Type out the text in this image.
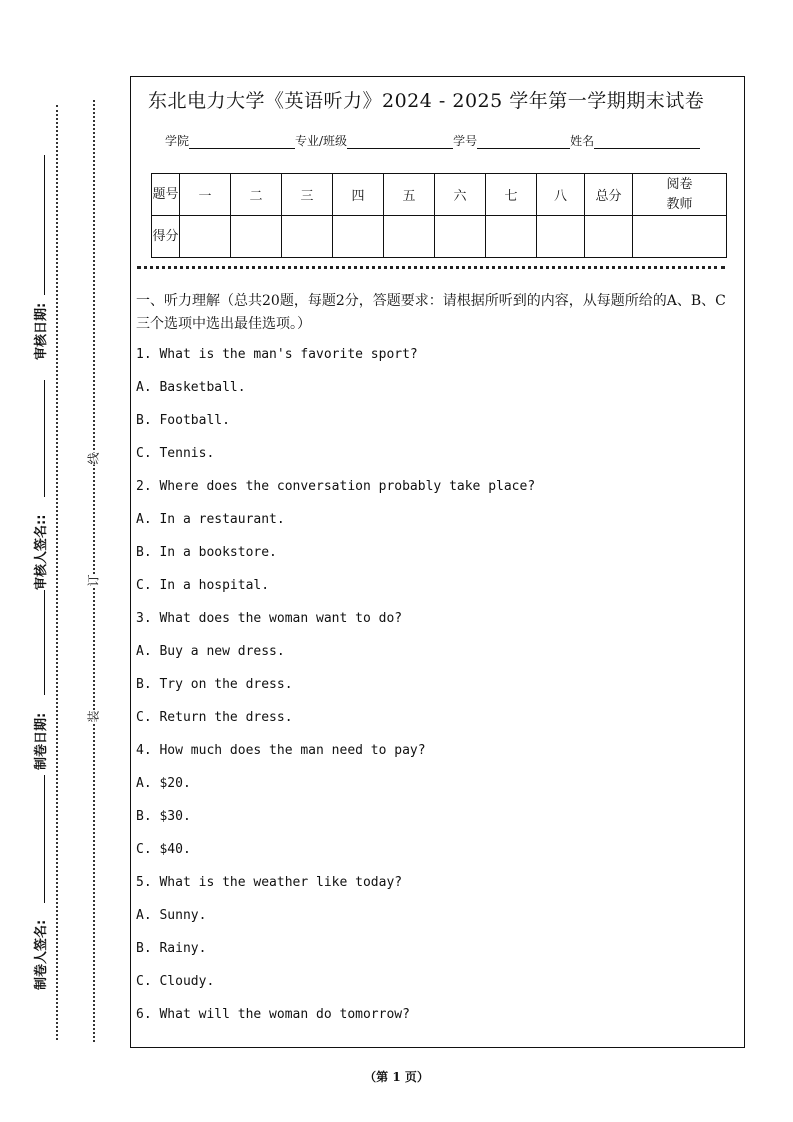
审核日期:
审核人签名::
制卷日期:
制卷人签名:
线
订
装
东北电力大学《英语听力》2024 - 2025 学年第一学期期末试卷
学院	专业/班级	学号	姓名
题号	一	二	三	四	五	六	七	八	总分	阅卷教师
得分										

一、听力理解（总共20题，每题2分，答题要求：请根据所听到的内容，从每题所给的A、B、C三个选项中选出最佳选项。）

1. What is the man's favorite sport?

A. Basketball.

B. Football.

C. Tennis.

2. Where does the conversation probably take place?

A. In a restaurant.

B. In a bookstore.

C. In a hospital.

3. What does the woman want to do?

A. Buy a new dress.

B. Try on the dress.

C. Return the dress.

4. How much does the man need to pay?

A. $20.

B. $30.

C. $40.

5. What is the weather like today?

A. Sunny.

B. Rainy.

C. Cloudy.

6. What will the woman do tomorrow?

（第 1 页）
